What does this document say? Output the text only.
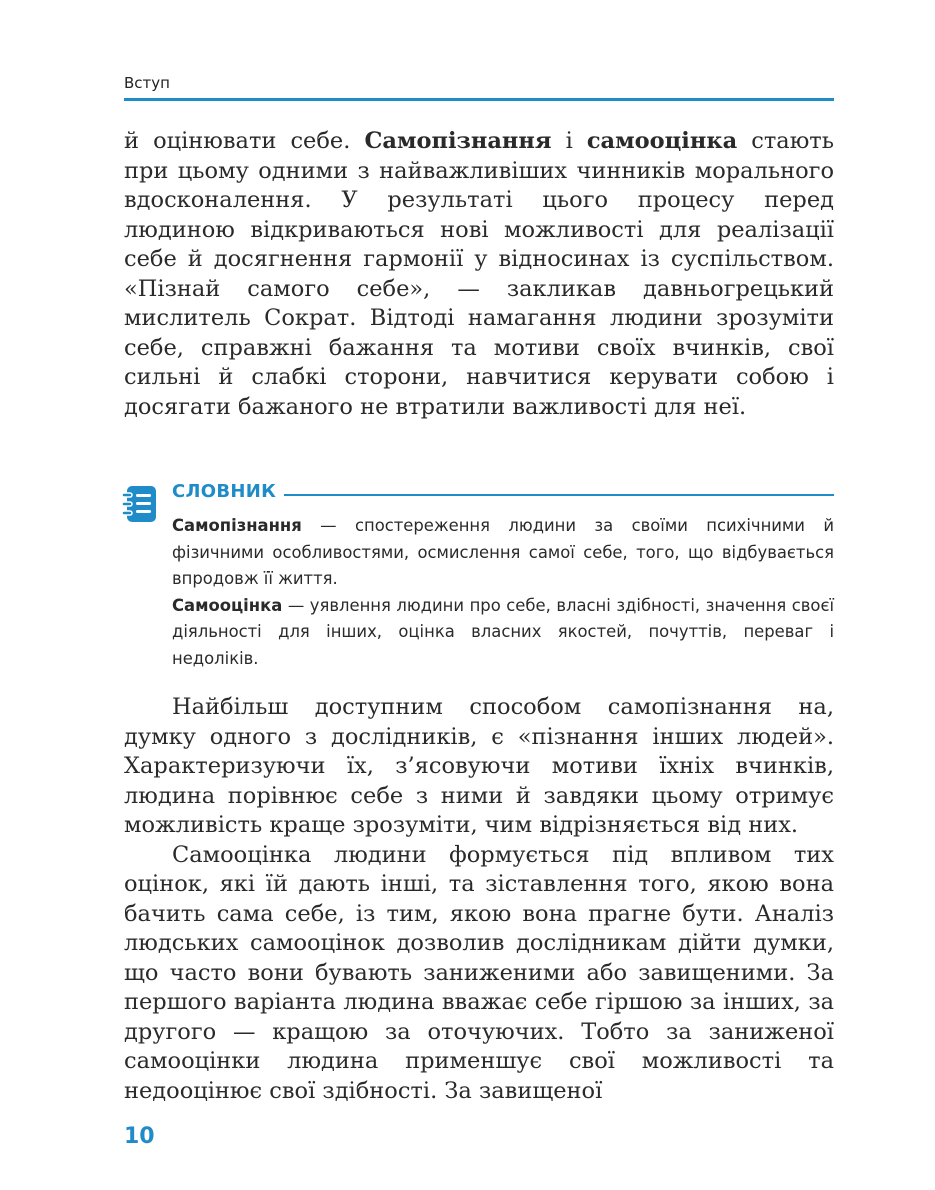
Вступ

й оцінювати себе. Самопізнання і самооцінка стають при цьому одними з найважливіших чинників морального вдосконалення. У результаті цього процесу перед людиною відкриваються нові можливості для реалізації себе й досягнення гармонії у відносинах із суспільством. «Пізнай самого себе», — закликав давньогрецький мислитель Сократ. Відтоді намагання людини зрозуміти себе, справжні бажання та мотиви своїх вчинків, свої сильні й слабкі сторони, навчитися керувати собою і досягати бажаного не втратили важливості для неї.

СЛОВНИК

Самопізнання — спостереження людини за своїми психічними й фізичними особливостями, осмислення самої себе, того, що відбувається впродовж її життя.

Самооцінка — уявлення людини про себе, власні здібності, значення своєї діяльності для інших, оцінка власних якостей, почуттів, переваг і недоліків.

Найбільш доступним способом самопізнання на, думку одного з дослідників, є «пізнання інших людей». Характеризуючи їх, з’ясовуючи мотиви їхніх вчинків, людина порівнює себе з ними й завдяки цьому отримує можливість краще зрозуміти, чим відрізняється від них.

Самооцінка людини формується під впливом тих оцінок, які їй дають інші, та зіставлення того, якою вона бачить сама себе, із тим, якою вона прагне бути. Аналіз людських самооцінок дозволив дослідникам дійти думки, що часто вони бувають заниженими або завищеними. За першого варіанта людина вважає себе гіршою за інших, за другого — кращою за оточуючих. Тобто за заниженої самооцінки людина применшує свої можливості та недооцінює свої здібності. За завищеної

10
